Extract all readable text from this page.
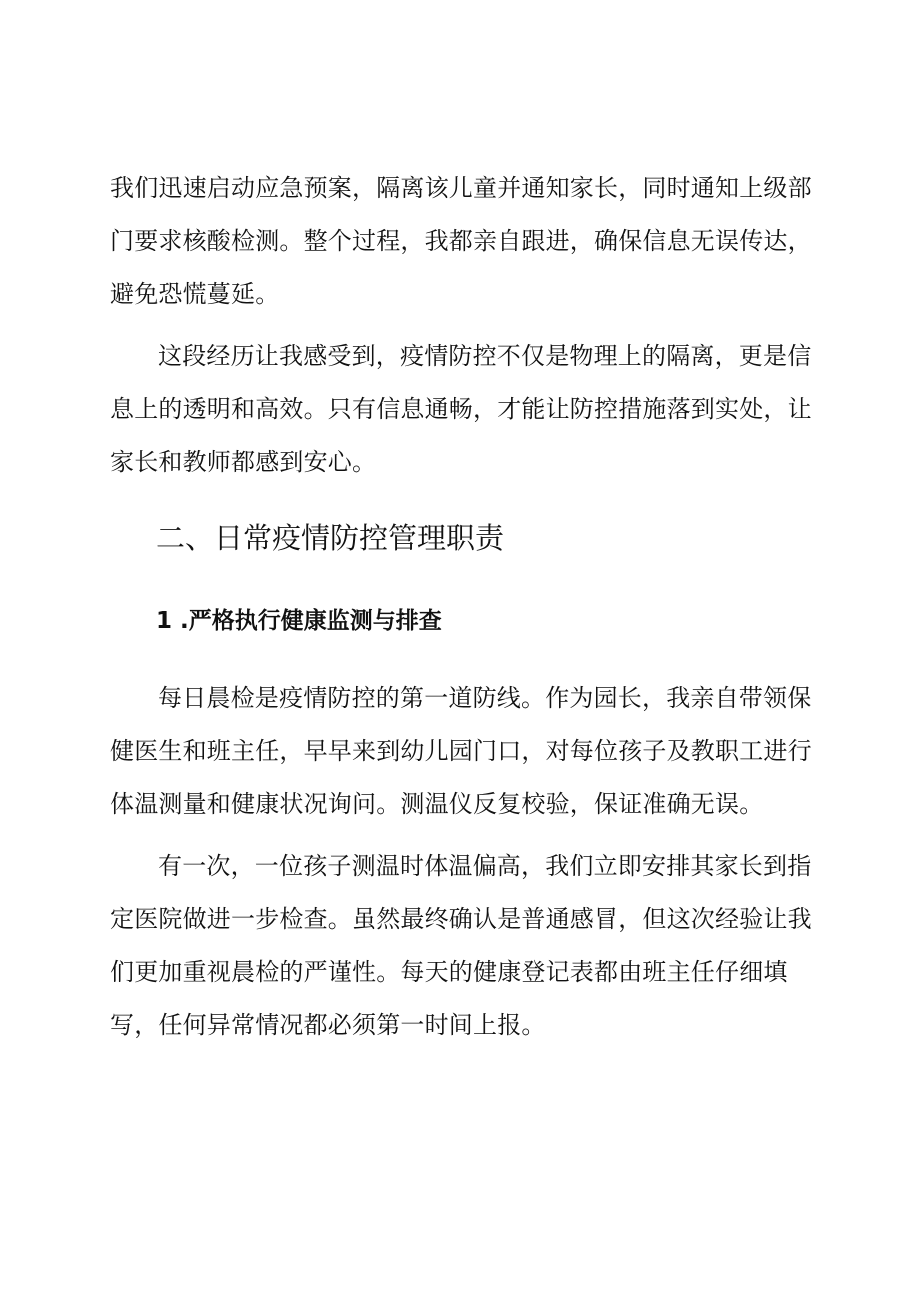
我们迅速启动应急预案，隔离该儿童并通知家长，同时通知上级部门要求核酸检测。整个过程，我都亲自跟进，确保信息无误传达，避免恐慌蔓延。

这段经历让我感受到，疫情防控不仅是物理上的隔离，更是信息上的透明和高效。只有信息通畅，才能让防控措施落到实处，让家长和教师都感到安心。

二、日常疫情防控管理职责
1 .严格执行健康监测与排查

每日晨检是疫情防控的第一道防线。作为园长，我亲自带领保健医生和班主任，早早来到幼儿园门口，对每位孩子及教职工进行体温测量和健康状况询问。测温仪反复校验，保证准确无误。

有一次，一位孩子测温时体温偏高，我们立即安排其家长到指定医院做进一步检查。虽然最终确认是普通感冒，但这次经验让我们更加重视晨检的严谨性。每天的健康登记表都由班主任仔细填写，任何异常情况都必须第一时间上报。
